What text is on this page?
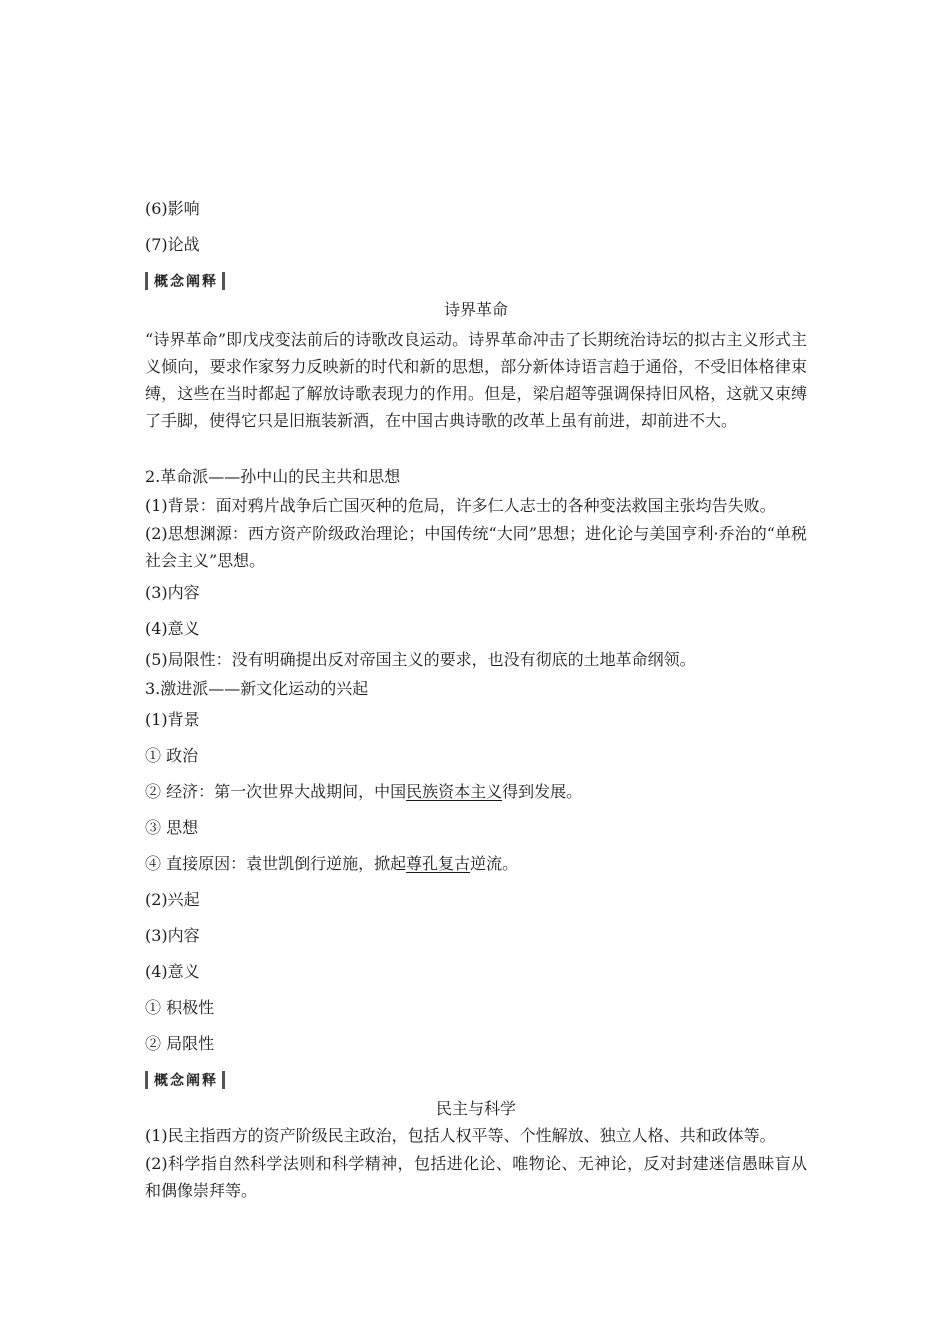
(6)影响
(7)论战
概念阐释
诗界革命
“诗界革命”即戊戌变法前后的诗歌改良运动。诗界革命冲击了长期统治诗坛的拟古主义形式主义倾向，要求作家努力反映新的时代和新的思想，部分新体诗语言趋于通俗，不受旧体格律束缚，这些在当时都起了解放诗歌表现力的作用。但是，梁启超等强调保持旧风格，这就又束缚了手脚，使得它只是旧瓶装新酒，在中国古典诗歌的改革上虽有前进，却前进不大。
2.革命派——孙中山的民主共和思想
(1)背景：面对鸦片战争后亡国灭种的危局，许多仁人志士的各种变法救国主张均告失败。
(2)思想渊源：西方资产阶级政治理论；中国传统“大同”思想；进化论与美国亨利·乔治的“单税社会主义”思想。
(3)内容
(4)意义
(5)局限性：没有明确提出反对帝国主义的要求，也没有彻底的土地革命纲领。
3.激进派——新文化运动的兴起
(1)背景
① 政治
② 经济：第一次世界大战期间，中国民族资本主义得到发展。
③ 思想
④ 直接原因：袁世凯倒行逆施，掀起尊孔复古逆流。
(2)兴起
(3)内容
(4)意义
① 积极性
② 局限性
概念阐释
民主与科学
(1)民主指西方的资产阶级民主政治，包括人权平等、个性解放、独立人格、共和政体等。
(2)科学指自然科学法则和科学精神，包括进化论、唯物论、无神论，反对封建迷信愚昧盲从和偶像崇拜等。
